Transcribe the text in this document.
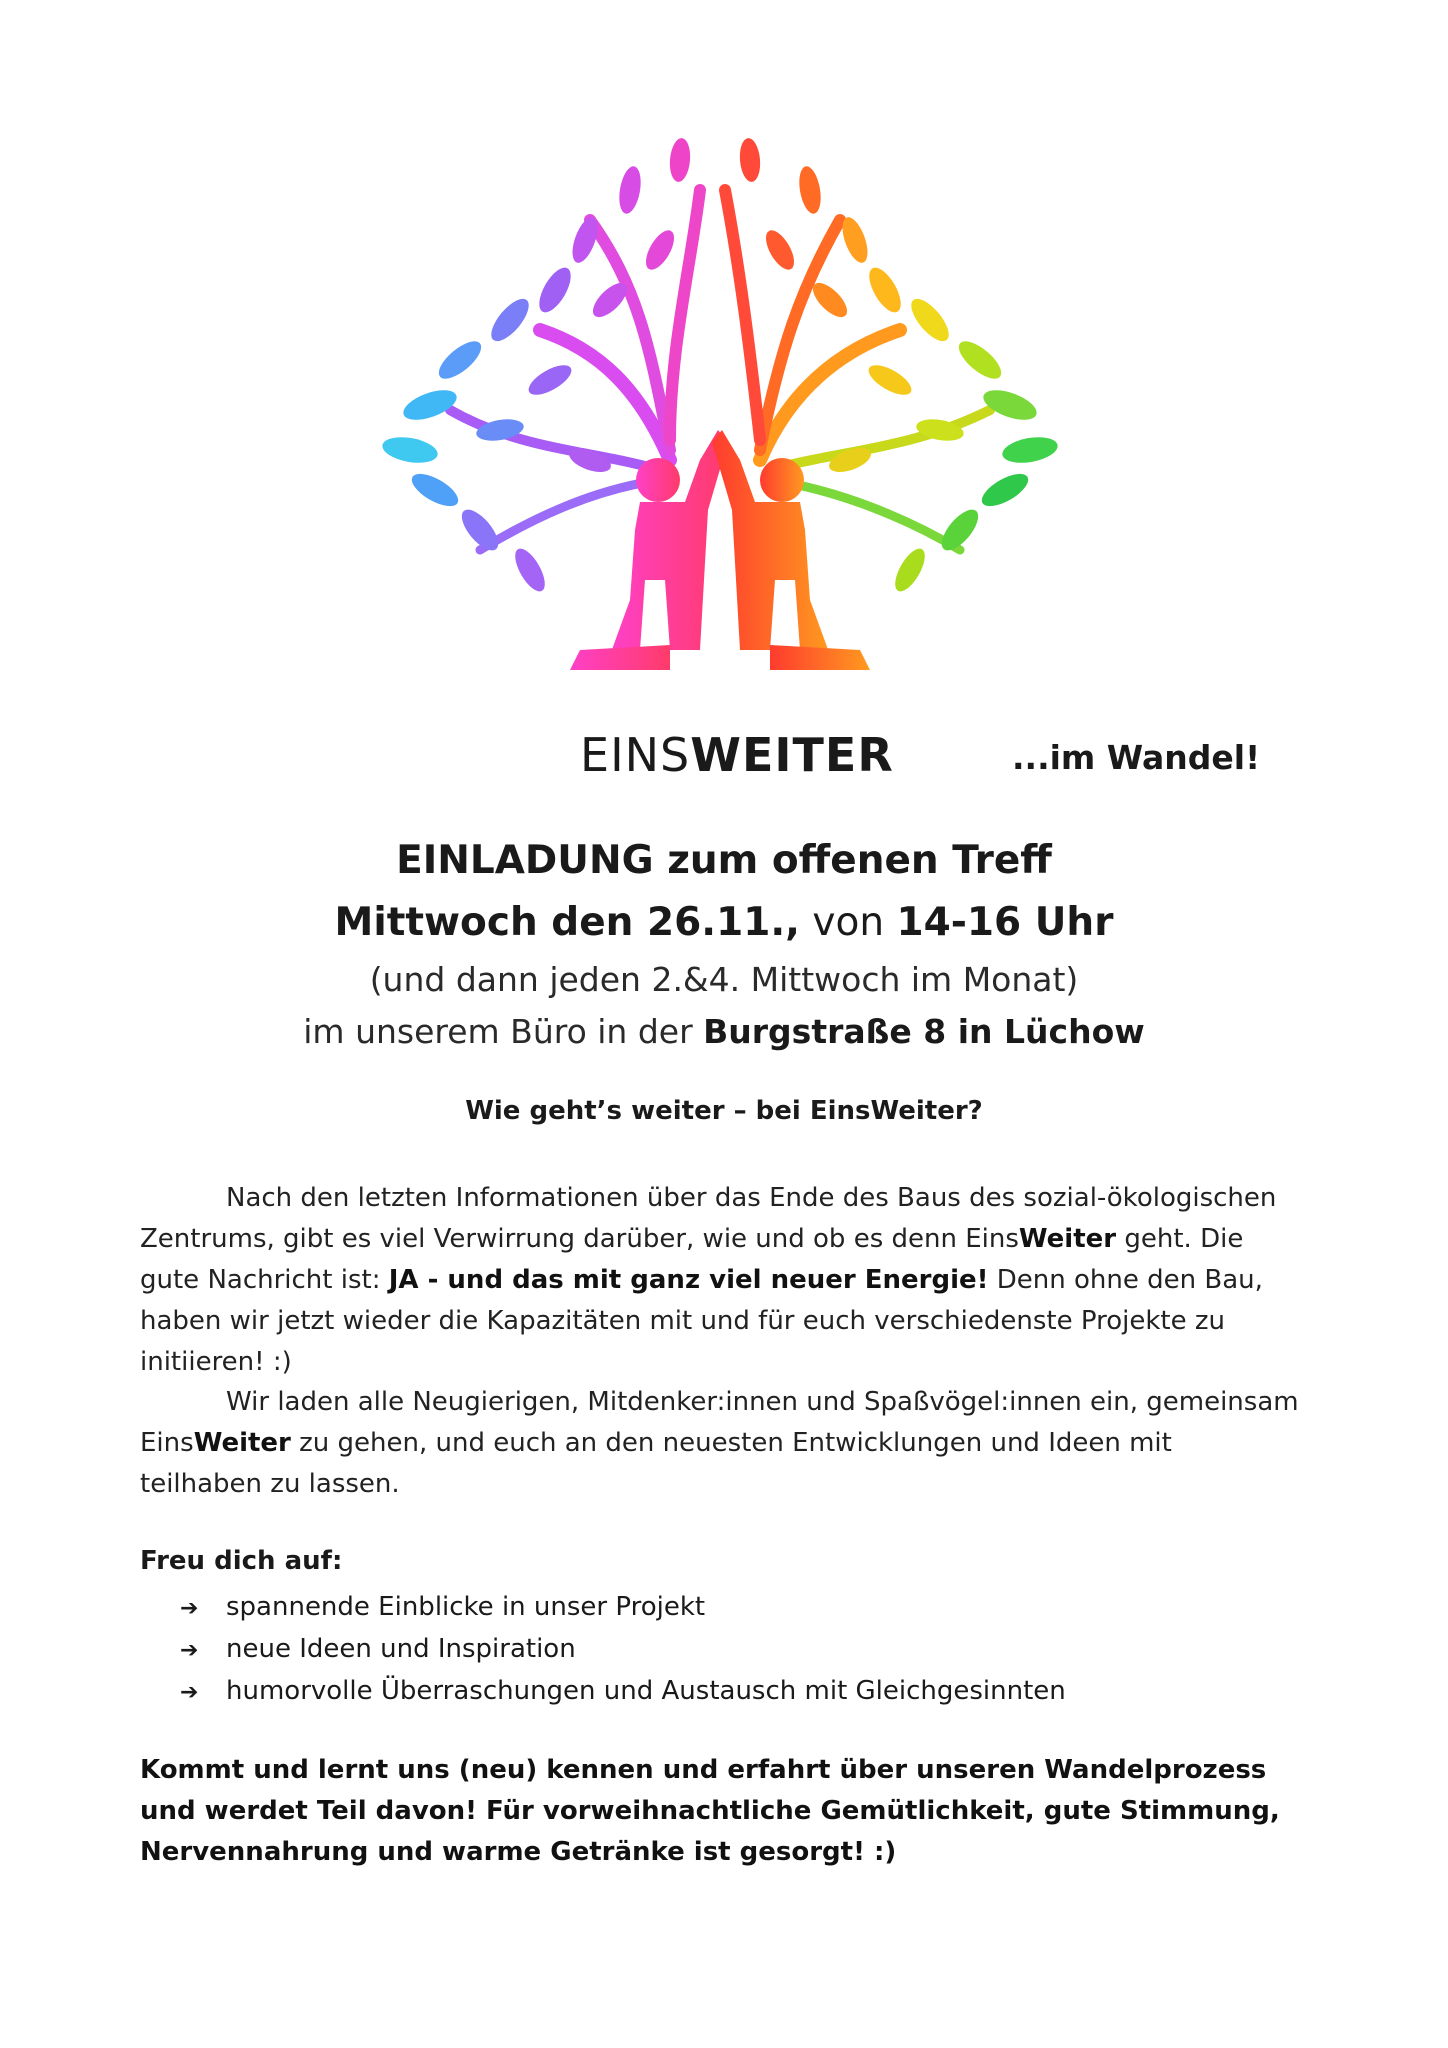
EINSWEITER	...im Wandel!
EINLADUNG zum offenen Treff
Mittwoch den 26.11., von 14-16 Uhr
(und dann jeden 2.&4. Mittwoch im Monat)
im unserem Büro in der Burgstraße 8 in Lüchow
Wie geht’s weiter – bei EinsWeiter?
Nach den letzten Informationen über das Ende des Baus des sozial-ökologischen Zentrums, gibt es viel Verwirrung darüber, wie und ob es denn EinsWeiter geht. Die gute Nachricht ist: JA - und das mit ganz viel neuer Energie! Denn ohne den Bau, haben wir jetzt wieder die Kapazitäten mit und für euch verschiedenste Projekte zu initiieren! :)
Wir laden alle Neugierigen, Mitdenker:innen und Spaßvögel:innen ein, gemeinsam EinsWeiter zu gehen, und euch an den neuesten Entwicklungen und Ideen mit teilhaben zu lassen.
Freu dich auf:
➔ spannende Einblicke in unser Projekt
➔ neue Ideen und Inspiration
➔ humorvolle Überraschungen und Austausch mit Gleichgesinnten
Kommt und lernt uns (neu) kennen und erfahrt über unseren Wandelprozess und werdet Teil davon! Für vorweihnachtliche Gemütlichkeit, gute Stimmung, Nervennahrung und warme Getränke ist gesorgt! :)
